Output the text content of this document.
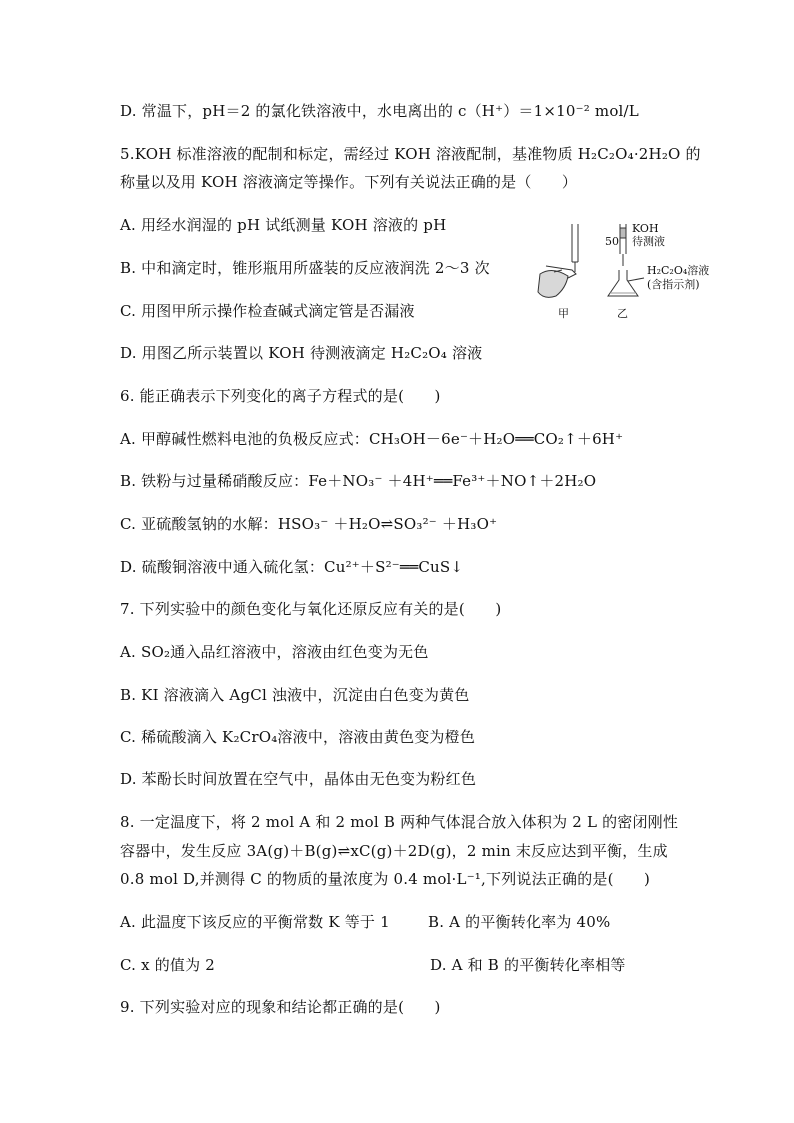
D. 常温下，pH＝2 的氯化铁溶液中，水电离出的 c（H⁺）＝1×10⁻² mol/L
5.KOH 标准溶液的配制和标定，需经过 KOH 溶液配制，基准物质 H₂C₂O₄·2H₂O 的
称量以及用 KOH 溶液滴定等操作。下列有关说法正确的是（　　）
A. 用经水润湿的 pH 试纸测量 KOH 溶液的 pH
B. 中和滴定时，锥形瓶用所盛装的反应液润洗 2～3 次
C. 用图甲所示操作检查碱式滴定管是否漏液
D. 用图乙所示装置以 KOH 待测液滴定 H₂C₂O₄ 溶液
50
KOH
待测液
H₂C₂O₄溶液
(含指示剂)
甲	乙
6. 能正确表示下列变化的离子方程式的是(　　)
A. 甲醇碱性燃料电池的负极反应式：CH₃OH－6e⁻＋H₂O══CO₂↑＋6H⁺
B. 铁粉与过量稀硝酸反应：Fe＋NO₃⁻ ＋4H⁺══Fe³⁺＋NO↑＋2H₂O
C. 亚硫酸氢钠的水解：HSO₃⁻ ＋H₂O⇌SO₃²⁻ ＋H₃O⁺
D. 硫酸铜溶液中通入硫化氢：Cu²⁺＋S²⁻══CuS↓
7. 下列实验中的颜色变化与氧化还原反应有关的是(　　)
A. SO₂通入品红溶液中，溶液由红色变为无色
B. KI 溶液滴入 AgCl 浊液中，沉淀由白色变为黄色
C. 稀硫酸滴入 K₂CrO₄溶液中，溶液由黄色变为橙色
D. 苯酚长时间放置在空气中，晶体由无色变为粉红色
8. 一定温度下，将 2 mol A 和 2 mol B 两种气体混合放入体积为 2 L 的密闭刚性
容器中，发生反应 3A(g)＋B(g)⇌xC(g)＋2D(g)，2 min 末反应达到平衡，生成
0.8 mol D,并测得 C 的物质的量浓度为 0.4 mol·L⁻¹,下列说法正确的是(　　)
A. 此温度下该反应的平衡常数 K 等于 1	B. A 的平衡转化率为 40%
C. x 的值为 2	D. A 和 B 的平衡转化率相等
9. 下列实验对应的现象和结论都正确的是(　　)
